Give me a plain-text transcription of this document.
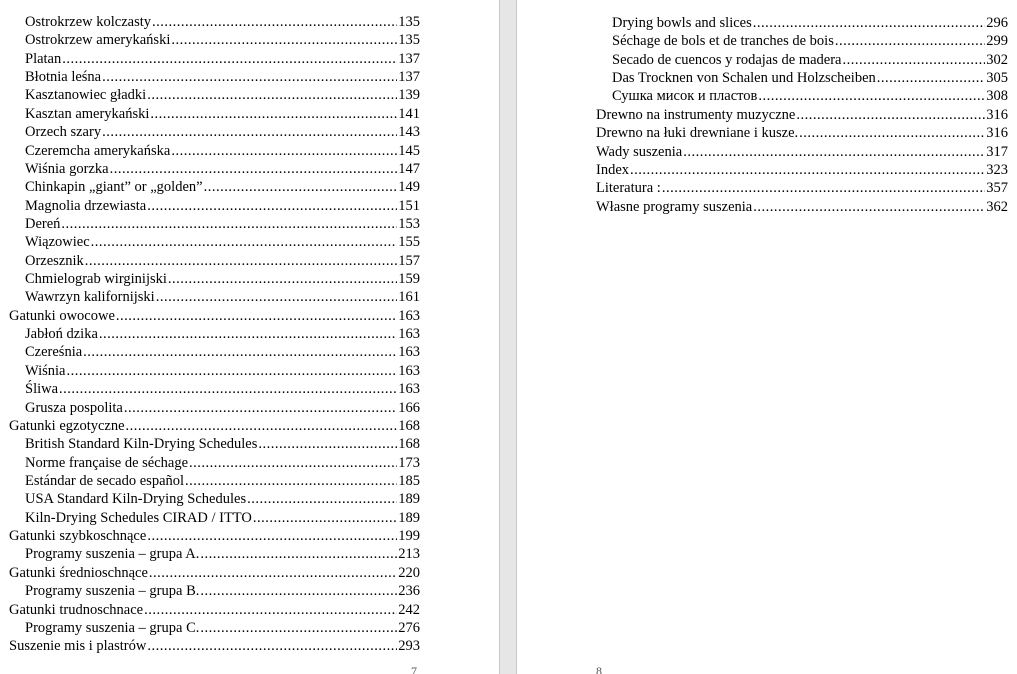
Ostrokrzew kolczasty .....	135
Ostrokrzew amerykański .....	135
Platan .....	137
Błotnia leśna .....	137
Kasztanowiec gładki .....	139
Kasztan amerykański .....	141
Orzech szary .....	143
Czeremcha amerykańska .....	145
Wiśnia gorzka .....	147
Chinkapin „giant” or „golden” .....	149
Magnolia drzewiasta .....	151
Dereń .....	153
Wiązowiec .....	155
Orzesznik .....	157
Chmielograb wirginijski .....	159
Wawrzyn kalifornijski .....	161
Gatunki owocowe .....	163
Jabłoń dzika .....	163
Czereśnia .....	163
Wiśnia .....	163
Śliwa .....	163
Grusza pospolita .....	166
Gatunki egzotyczne .....	168
British Standard Kiln-Drying Schedules .....	168
Norme française de séchage .....	173
Estándar de secado español .....	185
USA Standard Kiln-Drying Schedules .....	189
Kiln-Drying Schedules CIRAD / ITTO .....	189
Gatunki szybkoschnące .....	199
Programy suszenia – grupa A. .....	213
Gatunki średnioschnące .....	220
Programy suszenia – grupa B. .....	236
Gatunki trudnoschnace .....	242
Programy suszenia – grupa C. .....	276
Suszenie mis i plastrów .....	293
7
Drying bowls and slices .....	296
Séchage de bols et de tranches de bois .....	299
Secado de cuencos y rodajas de madera .....	302
Das Trocknen von Schalen und Holzscheiben .....	305
Сушка мисок и пластов .....	308
Drewno na instrumenty muzyczne .....	316
Drewno na łuki drewniane i kusze. .....	316
Wady suszenia .....	317
Index .....	323
Literatura : .....	357
Własne programy suszenia .....	362
8
